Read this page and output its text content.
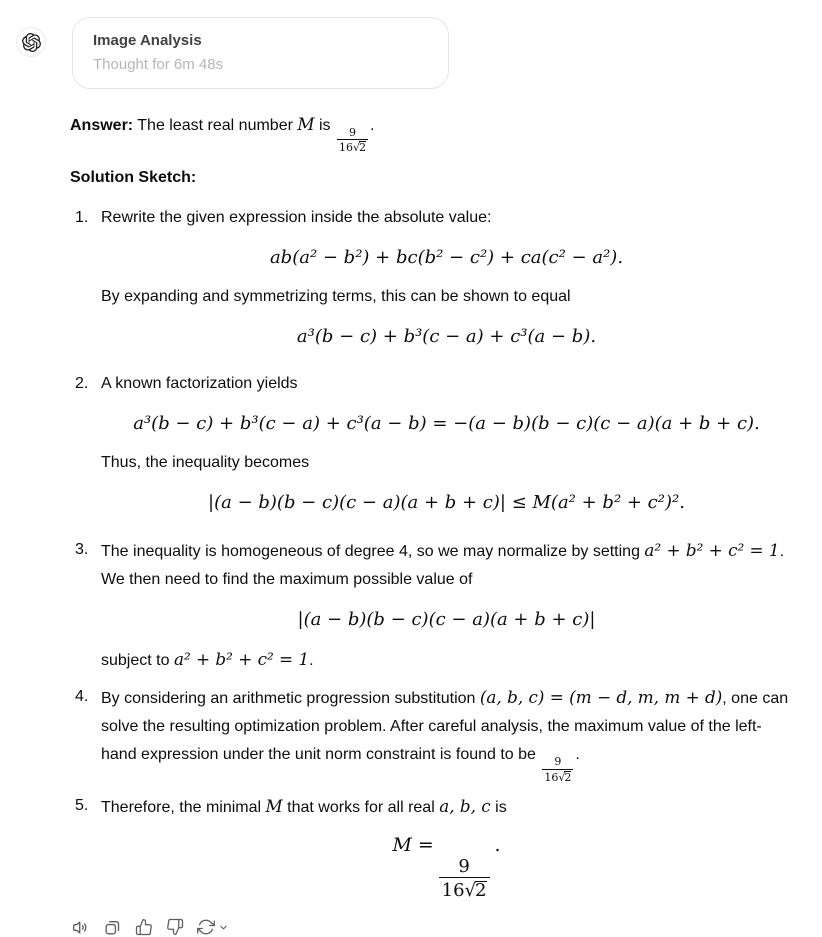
Image Analysis
Thought for 6m 48s

Answer: The least real number M is
$\frac{9}{16 √ 2}$
.

Solution Sketch:

1. Rewrite the given expression inside the absolute value:

ab(a² − b²) + bc(b² − c²) + ca(c² − a²).

By expanding and symmetrizing terms, this can be shown to equal

a³(b − c) + b³(c − a) + c³(a − b).
2. A known factorization yields

a³(b − c) + b³(c − a) + c³(a − b) = −(a − b)(b − c)(c − a)(a + b + c).

Thus, the inequality becomes

|(a − b)(b − c)(c − a)(a + b + c)| ≤ M(a² + b² + c²)².
3. The inequality is homogeneous of degree 4, so we may normalize by setting a² + b² + c² = 1. We then need to find the maximum possible value of

|(a − b)(b − c)(c − a)(a + b + c)|

subject to a² + b² + c² = 1.

4. By considering an arithmetic progression substitution (a, b, c) = (m − d, m, m + d), one can solve the resulting optimization problem. After careful analysis, the maximum value of the left-hand expression under the unit norm constraint is found to be
$\frac{9}{16 √ 2}$
.

5. Therefore, the minimal M that works for all real a, b, c is

M =
$\frac{9}{16 √ 2}$
.
